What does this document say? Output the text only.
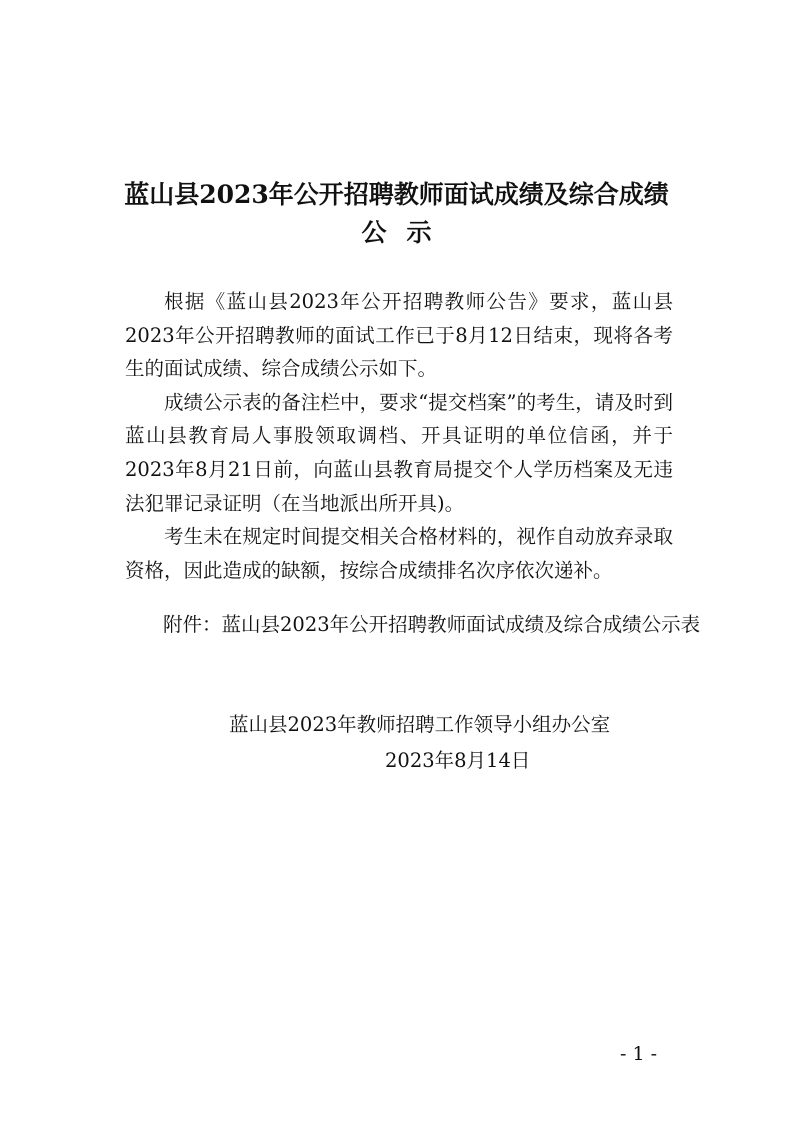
蓝山县2023年公开招聘教师面试成绩及综合成绩
公示

根据《蓝山县2023年公开招聘教师公告》要求，蓝山县2023年公开招聘教师的面试工作已于8月12日结束，现将各考生的面试成绩、综合成绩公示如下。

成绩公示表的备注栏中，要求“提交档案”的考生，请及时到蓝山县教育局人事股领取调档、开具证明的单位信函，并于2023年8月21日前，向蓝山县教育局提交个人学历档案及无违法犯罪记录证明（在当地派出所开具)。

考生未在规定时间提交相关合格材料的，视作自动放弃录取资格，因此造成的缺额，按综合成绩排名次序依次递补。

附件：蓝山县2023年公开招聘教师面试成绩及综合成绩公示表
蓝山县2023年教师招聘工作领导小组办公室
2023年8月14日
- 1 -
